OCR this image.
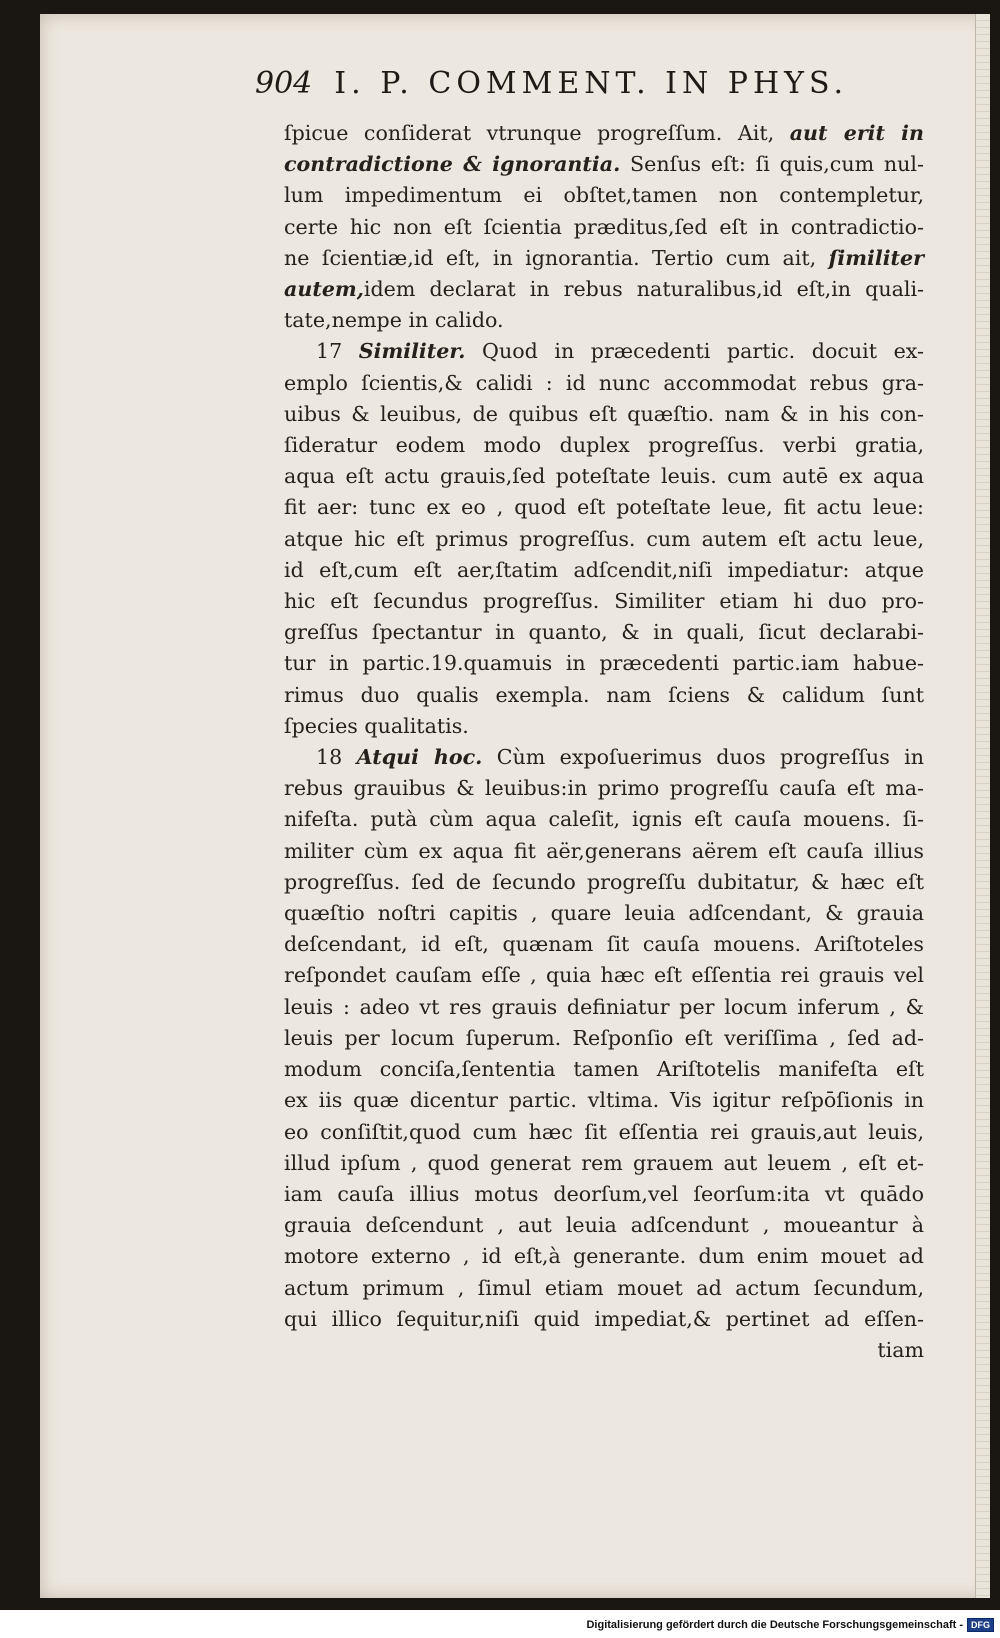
904 I. P. COMMENT. IN PHYS.
ſpicue conſiderat vtrunque progreſſum. Ait, aut erit in
contradictione & ignorantia. Senſus eſt: ſi quis,cum nul-
lum impedimentum ei obſtet,tamen non contempletur,
certe hic non eſt ſcientia præditus,ſed eſt in contradictio-
ne ſcientiæ,id eſt, in ignorantia. Tertio cum ait, ſimiliter
autem,idem declarat in rebus naturalibus,id eſt,in quali-
tate,nempe in calido.
17 Similiter. Quod in præcedenti partic. docuit ex-
emplo ſcientis,& calidi : id nunc accommodat rebus gra-
uibus & leuibus, de quibus eſt quæſtio. nam & in his con-
ſideratur eodem modo duplex progreſſus. verbi gratia,
aqua eſt actu grauis,ſed poteſtate leuis. cum autē ex aqua
fit aer: tunc ex eo , quod eſt poteſtate leue, fit actu leue:
atque hic eſt primus progreſſus. cum autem eſt actu leue,
id eſt,cum eſt aer,ſtatim adſcendit,niſi impediatur: atque
hic eſt ſecundus progreſſus. Similiter etiam hi duo pro-
greſſus ſpectantur in quanto, & in quali, ſicut declarabi-
tur in partic.19.quamuis in præcedenti partic.iam habue-
rimus duo qualis exempla. nam ſciens & calidum ſunt
ſpecies qualitatis.
18 Atqui hoc. Cùm expoſuerimus duos progreſſus in
rebus grauibus & leuibus:in primo progreſſu cauſa eſt ma-
nifeſta. putà cùm aqua caleſit, ignis eſt cauſa mouens. ſi-
militer cùm ex aqua fit aër,generans aërem eſt cauſa illius
progreſſus. ſed de ſecundo progreſſu dubitatur, & hæc eſt
quæſtio noſtri capitis , quare leuia adſcendant, & grauia
deſcendant, id eſt, quænam ſit cauſa mouens. Ariſtoteles
reſpondet cauſam eſſe , quia hæc eſt eſſentia rei grauis vel
leuis : adeo vt res grauis definiatur per locum inferum , &
leuis per locum ſuperum. Reſponſio eſt veriſſima , ſed ad-
modum conciſa,ſententia tamen Ariſtotelis manifeſta eſt
ex iis quæ dicentur partic. vltima. Vis igitur reſpōſionis in
eo conſiſtit,quod cum hæc ſit eſſentia rei grauis,aut leuis,
illud ipſum , quod generat rem grauem aut leuem , eſt et-
iam cauſa illius motus deorſum,vel ſeorſum:ita vt quādo
grauia deſcendunt , aut leuia adſcendunt , moueantur à
motore externo , id eſt,à generante. dum enim mouet ad
actum primum , ſimul etiam mouet ad actum ſecundum,
qui illico ſequitur,niſi quid impediat,& pertinet ad eſſen-
tiam
Digitalisierung gefördert durch die Deutsche Forschungsgemeinschaft - DFG
